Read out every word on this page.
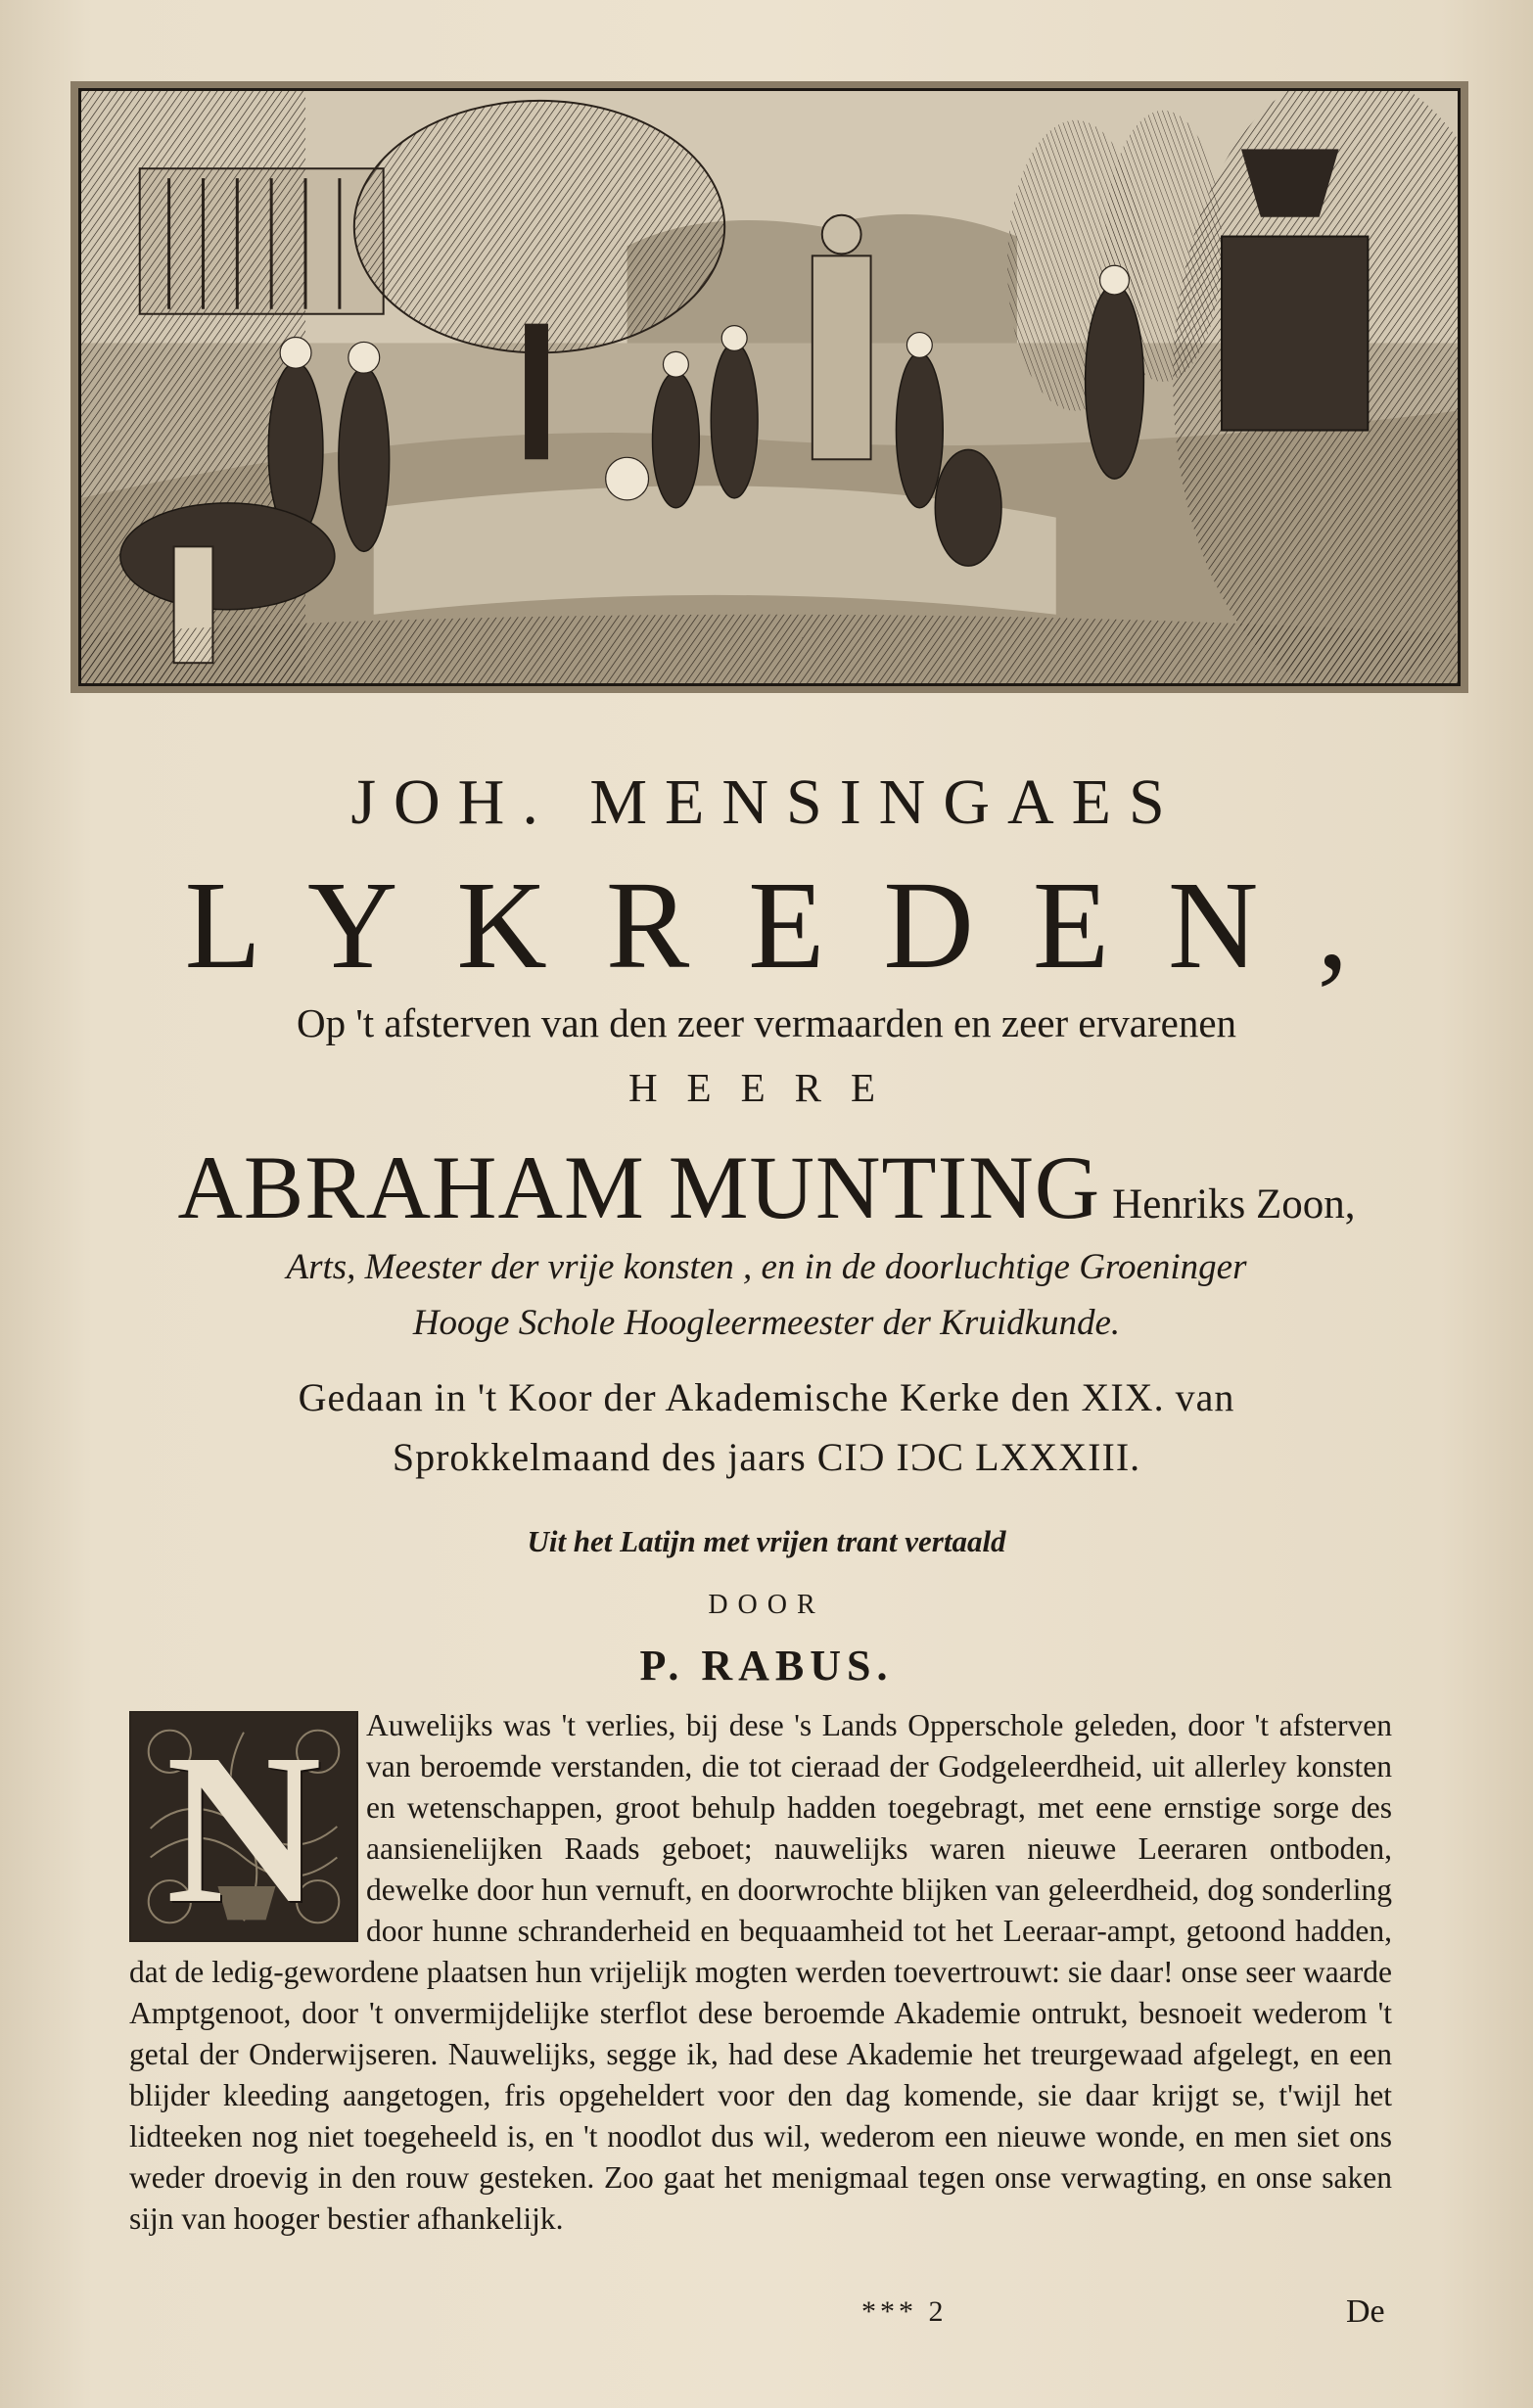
JOH. MENSINGAES
LYKREDEN,
Op 't afsterven van den zeer vermaarden en zeer ervarenen
HEERE
ABRAHAM MUNTING Henriks Zoon,
Arts, Meester der vrije konsten , en in de doorluchtige Groeninger
Hooge Schole Hoogleermeester der Kruidkunde.
Gedaan in 't Koor der Akademische Kerke den XIX. van
Sprokkelmaand des jaars CIƆ IƆC LXXXIII.
Uit het Latijn met vrijen trant vertaald
DOOR
P. RABUS.
N	Auwelijks was 't verlies, bij dese 's Lands Opperschole geleden, door 't afsterven van beroemde verstanden, die tot cieraad der Godgeleerdheid, uit allerley konsten en wetenschappen, groot behulp hadden toegebragt, met eene ernstige sorge des aansienelijken Raads geboet; nauwelijks waren nieuwe Leeraren ontboden, dewelke door hun vernuft, en doorwrochte blijken van geleerdheid, dog sonderling door hunne schranderheid en bequaamheid tot het Leeraar-ampt, getoond hadden, dat de ledig-gewordene plaatsen hun vrijelijk mogten werden toevertrouwt: sie daar! onse seer waarde Amptgenoot, door 't onvermijdelijke sterflot dese beroemde Akademie ontrukt, besnoeit wederom 't getal der Onderwijseren. Nauwelijks, segge ik, had dese Akademie het treurgewaad afgelegt, en een blijder kleeding aangetogen, fris opgeheldert voor den dag komende, sie daar krijgt se, t'wijl het lidteeken nog niet toegeheeld is, en 't noodlot dus wil, wederom een nieuwe wonde, en men siet ons weder droevig in den rouw gesteken. Zoo gaat het menigmaal tegen onse verwagting, en onse saken sijn van hooger bestier afhankelijk.
*** 2	De
